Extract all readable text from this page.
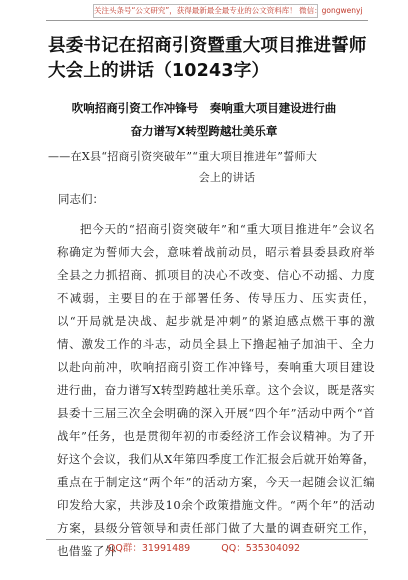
关注头条号“公文研究”，获得最新最全最专业的公文资料库！ 微信：gongwenyj
县委书记在招商引资暨重大项目推进誓师大会上的讲话（10243字）
吹响招商引资工作冲锋号　奏响重大项目建设进行曲
奋力谱写X转型跨越壮美乐章
——在X县“招商引资突破年”“重大项目推进年”誓师大
会上的讲话
同志们：
把今天的“招商引资突破年”和“重大项目推进年”会议名称确定为誓师大会，意味着战前动员，昭示着县委县政府举全县之力抓招商、抓项目的决心不改变、信心不动摇、力度不减弱，主要目的在于部署任务、传导压力、压实责任，以“开局就是决战、起步就是冲刺”的紧迫感点燃干事的激情、激发工作的斗志，动员全县上下撸起袖子加油干、全力以赴向前冲，吹响招商引资工作冲锋号，奏响重大项目建设进行曲，奋力谱写X转型跨越壮美乐章。这个会议，既是落实县委十三届三次全会明确的深入开展“四个年”活动中两个“首战年”任务，也是贯彻年初的市委经济工作会议精神。为了开好这个会议，我们从X年第四季度工作汇报会后就开始筹备，重点在于制定这“两个年”的活动方案，今天一起随会议汇编印发给大家，共涉及10余个政策措施文件。“两个年”的活动方案，县级分管领导和责任部门做了大量的调查研究工作，也借鉴了外
QQ群：31991489	QQ：535304092
